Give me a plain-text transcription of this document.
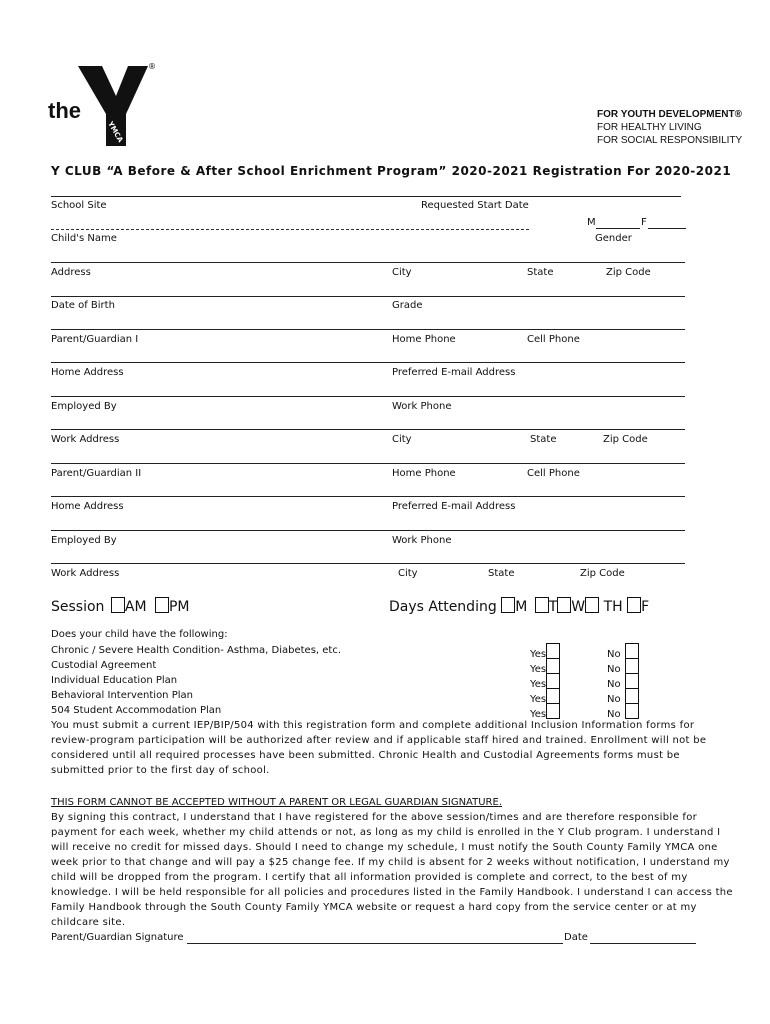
the
®
YMCA
FOR YOUTH DEVELOPMENT®
FOR HEALTHY LIVING
FOR SOCIAL RESPONSIBILITY
Y CLUB “A Before & After School Enrichment Program” 2020-2021 Registration For 2020-2021
School Site	Requested Start Date
M	F
Child's Name	Gender
Address	City	State	Zip Code
Date of Birth	Grade
Parent/Guardian I	Home Phone	Cell Phone
Home Address	Preferred E-mail Address
Employed By	Work Phone
Work Address	City	State	Zip Code
Parent/Guardian II	Home Phone	Cell Phone
Home Address	Preferred E-mail Address
Employed By	Work Phone
Work Address	City	State	Zip Code
Session AM PM	Days Attending M T W TH F
Does your child have the following:
Chronic / Severe Health Condition- Asthma, Diabetes, etc.
Custodial Agreement
Individual Education Plan
Behavioral Intervention Plan
504 Student Accommodation Plan
Yes	No
Yes	No
Yes	No
Yes	No
Yes	No
You must submit a current IEP/BIP/504 with this registration form and complete additional Inclusion Information forms for review-program participation will be authorized after review and if applicable staff hired and trained. Enrollment will not be considered until all required processes have been submitted. Chronic Health and Custodial Agreements forms must be submitted prior to the first day of school.
THIS FORM CANNOT BE ACCEPTED WITHOUT A PARENT OR LEGAL GUARDIAN SIGNATURE.
By signing this contract, I understand that I have registered for the above session/times and are therefore responsible for payment for each week, whether my child attends or not, as long as my child is enrolled in the Y Club program. I understand I will receive no credit for missed days. Should I need to change my schedule, I must notify the South County Family YMCA one week prior to that change and will pay a $25 change fee. If my child is absent for 2 weeks without notification, I understand my child will be dropped from the program. I certify that all information provided is complete and correct, to the best of my knowledge. I will be held responsible for all policies and procedures listed in the Family Handbook. I understand I can access the Family Handbook through the South County Family YMCA website or request a hard copy from the service center or at my childcare site.
Parent/Guardian Signature	Date
